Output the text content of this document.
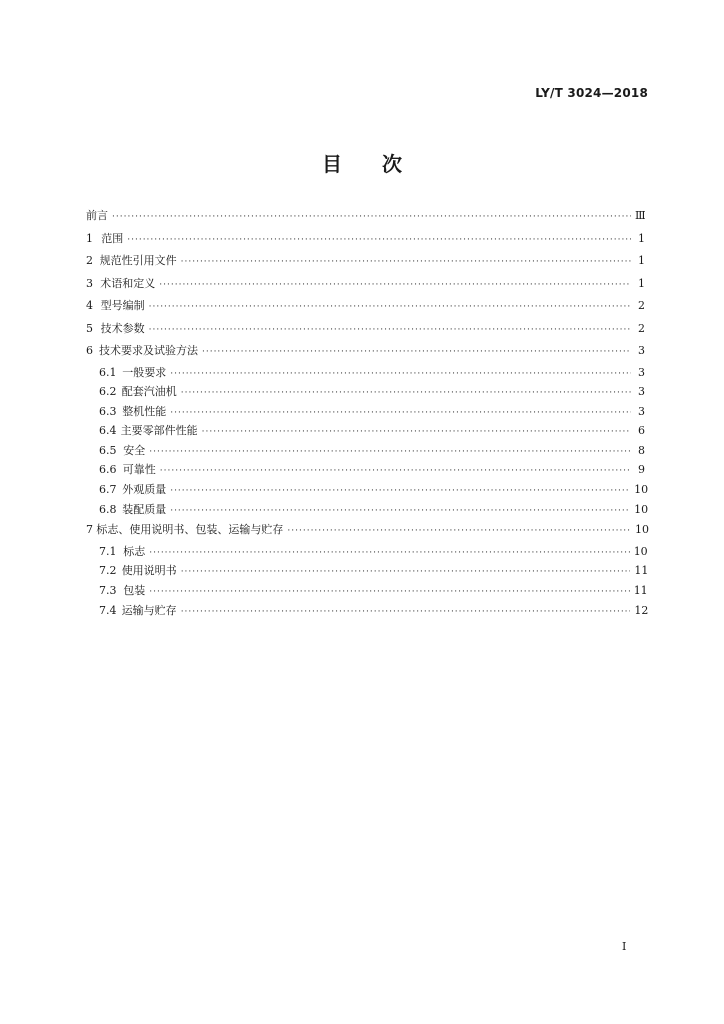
LY/T 3024—2018
目 次
前言 ·····	Ⅲ
1 范围 ·····	1
2 规范性引用文件 ·····	1
3 术语和定义 ·····	1
4 型号编制 ·····	2
5 技术参数 ·····	2
6 技术要求及试验方法 ·····	3
6.1 一般要求 ·····	3
6.2 配套汽油机 ·····	3
6.3 整机性能 ·····	3
6.4 主要零部件性能 ·····	6
6.5 安全 ·····	8
6.6 可靠性 ·····	9
6.7 外观质量 ·····	10
6.8 装配质量 ·····	10
7 标志、使用说明书、包装、运输与贮存 ·····	10
7.1 标志 ·····	10
7.2 使用说明书 ·····	11
7.3 包装 ·····	11
7.4 运输与贮存 ·····	12
I
